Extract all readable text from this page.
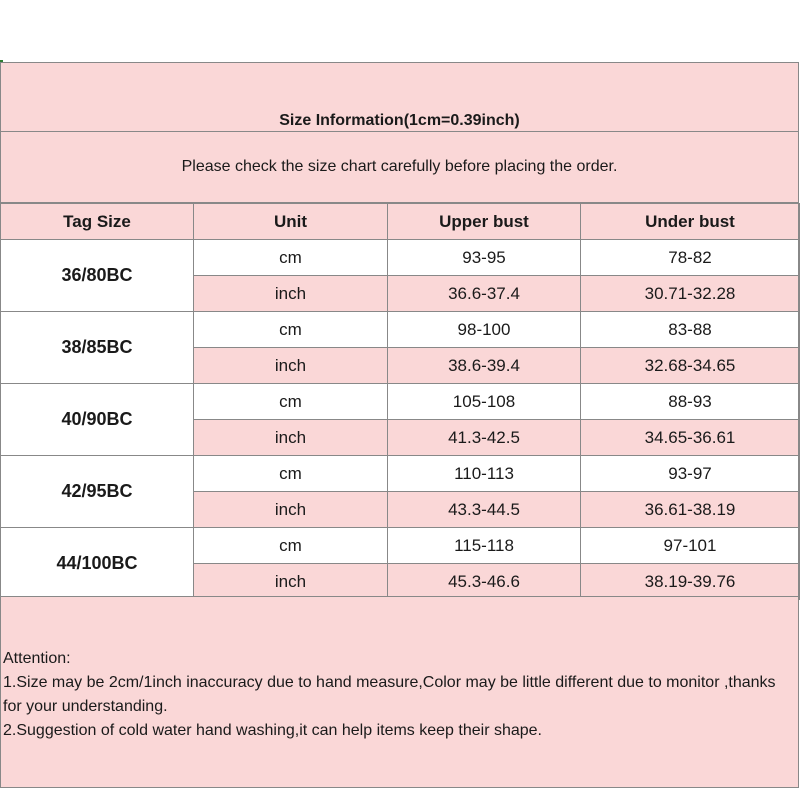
Size Information(1cm=0.39inch)
Please check the size chart carefully before placing the order.
Tag Size	Unit	Upper bust	Under bust
36/80BC	cm	93-95	78-82
	inch	36.6-37.4	30.71-32.28
38/85BC	cm	98-100	83-88
	inch	38.6-39.4	32.68-34.65
40/90BC	cm	105-108	88-93
	inch	41.3-42.5	34.65-36.61
42/95BC	cm	110-113	93-97
	inch	43.3-44.5	36.61-38.19
44/100BC	cm	115-118	97-101
	inch	45.3-46.6	38.19-39.76
Attention:
1.Size may be 2cm/1inch inaccuracy due to hand measure,Color may be little different due to monitor ,thanks for your understanding.
2.Suggestion of cold water hand washing,it can help items keep their shape.
